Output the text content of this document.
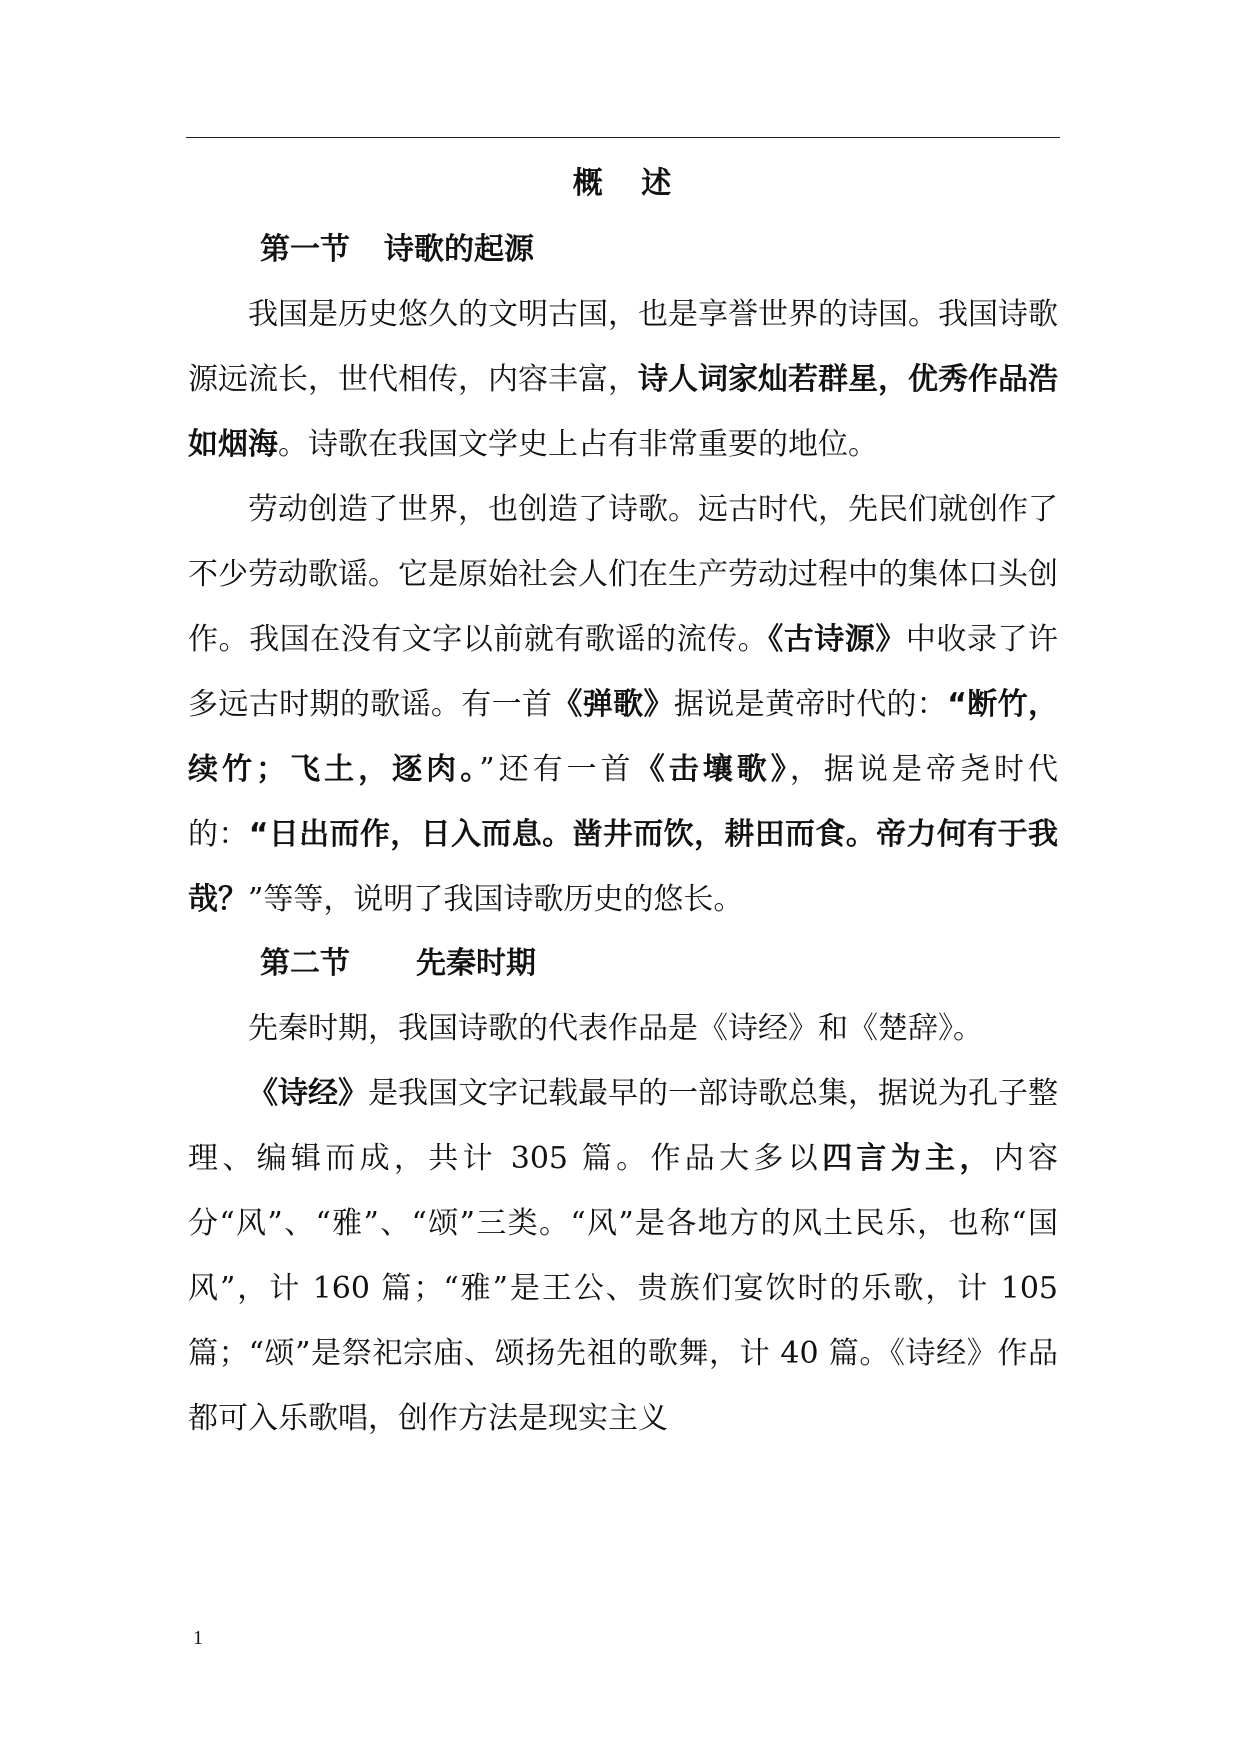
概 述
第一节 诗歌的起源

我国是历史悠久的文明古国，也是享誉世界的诗国。我国诗歌源远流长，世代相传，内容丰富，诗人词家灿若群星，优秀作品浩如烟海。诗歌在我国文学史上占有非常重要的地位。

劳动创造了世界，也创造了诗歌。远古时代，先民们就创作了不少劳动歌谣。它是原始社会人们在生产劳动过程中的集体口头创作。我国在没有文字以前就有歌谣的流传。《古诗源》中收录了许多远古时期的歌谣。有一首《弹歌》据说是黄帝时代的：“断竹，续竹；飞土，逐肉。”还有一首《击壤歌》，据说是帝尧时代的：“日出而作，日入而息。凿井而饮，耕田而食。帝力何有于我哉？”等等，说明了我国诗歌历史的悠长。

第二节 先秦时期

先秦时期，我国诗歌的代表作品是《诗经》和《楚辞》。

《诗经》是我国文字记载最早的一部诗歌总集，据说为孔子整理、编辑而成，共计 305 篇。作品大多以四言为主，内容分“风”、“雅”、“颂”三类。“风”是各地方的风土民乐，也称“国风”，计 160 篇；“雅”是王公、贵族们宴饮时的乐歌，计 105 篇；“颂”是祭祀宗庙、颂扬先祖的歌舞，计 40 篇。《诗经》作品都可入乐歌唱，创作方法是现实主义

1
